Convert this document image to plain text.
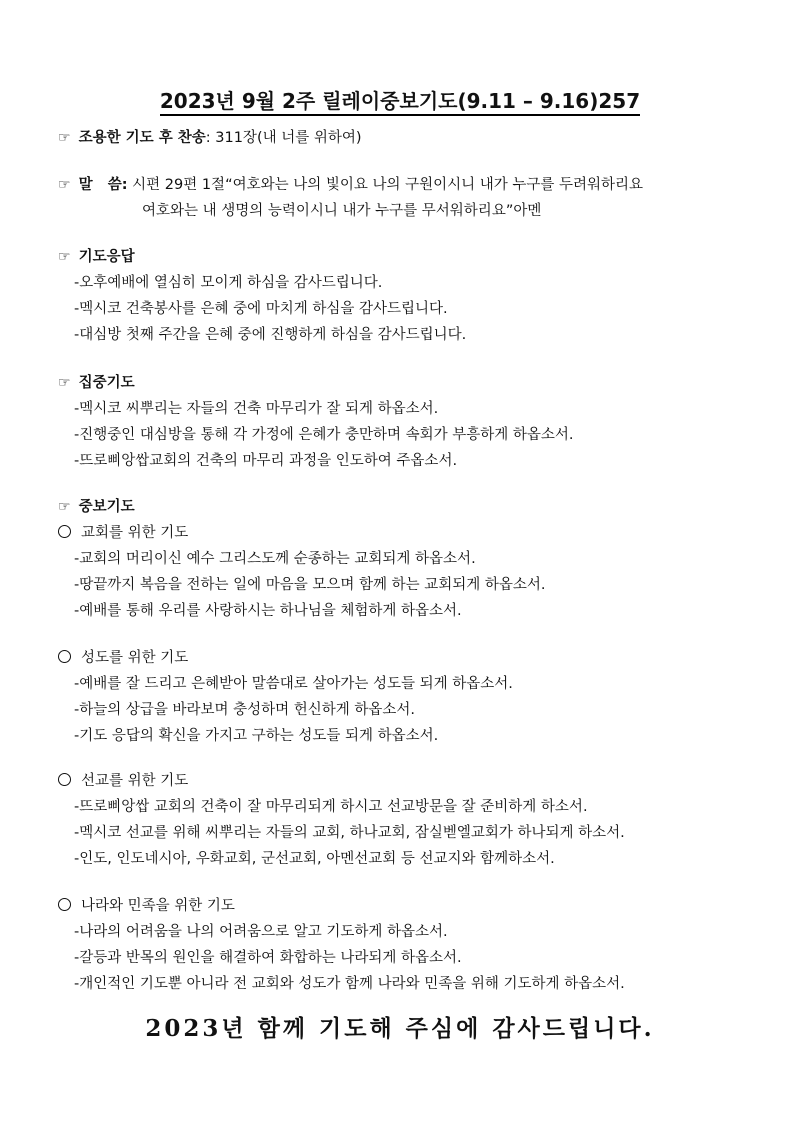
2023년 9월 2주 릴레이중보기도(9.11 – 9.16)257
☞ 조용한 기도 후 찬송: 311장(내 너를 위하여)
☞ 말   씀: 시편 29편 1절“여호와는 나의 빛이요 나의 구원이시니 내가 누구를 두려워하리요
여호와는 내 생명의 능력이시니 내가 누구를 무서워하리요”아멘
☞ 기도응답
-오후예배에 열심히 모이게 하심을 감사드립니다.
-멕시코 건축봉사를 은혜 중에 마치게 하심을 감사드립니다.
-대심방 첫째 주간을 은혜 중에 진행하게 하심을 감사드립니다.
☞ 집중기도
-멕시코 씨뿌리는 자들의 건축 마무리가 잘 되게 하옵소서.
-진행중인 대심방을 통해 각 가정에 은혜가 충만하며 속회가 부흥하게 하옵소서.
-뜨로삐앙쌉교회의 건축의 마무리 과정을 인도하여 주옵소서.
☞ 중보기도
교회를 위한 기도
-교회의 머리이신 예수 그리스도께 순종하는 교회되게 하옵소서.
-땅끝까지 복음을 전하는 일에 마음을 모으며 함께 하는 교회되게 하옵소서.
-예배를 통해 우리를 사랑하시는 하나님을 체험하게 하옵소서.
성도를 위한 기도
-예배를 잘 드리고 은혜받아 말씀대로 살아가는 성도들 되게 하옵소서.
-하늘의 상급을 바라보며 충성하며 헌신하게 하옵소서.
-기도 응답의 확신을 가지고 구하는 성도들 되게 하옵소서.
선교를 위한 기도
-뜨로삐앙쌉 교회의 건축이 잘 마무리되게 하시고 선교방문을 잘 준비하게 하소서.
-멕시코 선교를 위해 씨뿌리는 자들의 교회, 하나교회, 잠실벧엘교회가 하나되게 하소서.
-인도, 인도네시아, 우화교회, 군선교회, 아멘선교회 등 선교지와 함께하소서.
나라와 민족을 위한 기도
-나라의 어려움을 나의 어려움으로 알고 기도하게 하옵소서.
-갈등과 반목의 원인을 해결하여 화합하는 나라되게 하옵소서.
-개인적인 기도뿐 아니라 전 교회와 성도가 함께 나라와 민족을 위해 기도하게 하옵소서.
2023년 함께 기도해 주심에 감사드립니다.
